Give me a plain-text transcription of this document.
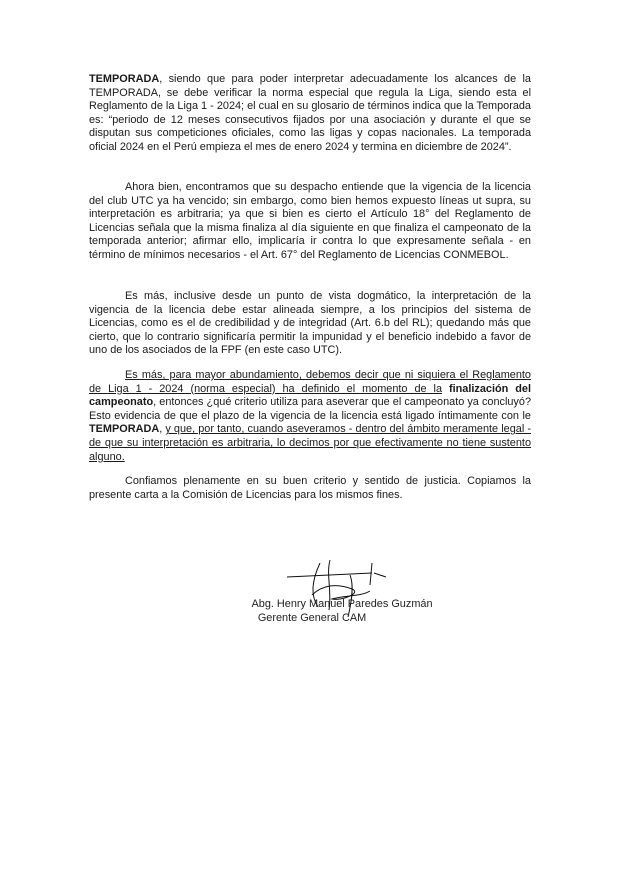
TEMPORADA, siendo que para poder interpretar adecuadamente los alcances de la TEMPORADA, se debe verificar la norma especial que regula la Liga, siendo esta el Reglamento de la Liga 1 - 2024; el cual en su glosario de términos indica que la Temporada es: “periodo de 12 meses consecutivos fijados por una asociación y durante el que se disputan sus competiciones oficiales, como las ligas y copas nacionales. La temporada oficial 2024 en el Perú empieza el mes de enero 2024 y termina en diciembre de 2024”.

Ahora bien, encontramos que su despacho entiende que la vigencia de la licencia del club UTC ya ha vencido; sin embargo, como bien hemos expuesto líneas ut supra, su interpretación es arbitraria; ya que si bien es cierto el Artículo 18° del Reglamento de Licencias señala que la misma finaliza al día siguiente en que finaliza el campeonato de la temporada anterior; afirmar ello, implicaría ir contra lo que expresamente señala - en término de mínimos necesarios - el Art. 67° del Reglamento de Licencias CONMEBOL.

Es más, inclusive desde un punto de vista dogmático, la interpretación de la vigencia de la licencia debe estar alineada siempre, a los principios del sistema de Licencias, como es el de credibilidad y de integridad (Art. 6.b del RL); quedando más que cierto, que lo contrario significaría permitir la impunidad y el beneficio indebido a favor de uno de los asociados de la FPF (en este caso UTC).

Es más, para mayor abundamiento, debemos decir que ni siquiera el Reglamento de Liga 1 - 2024 (norma especial) ha definido el momento de la finalización del campeonato, entonces ¿qué criterio utiliza para aseverar que el campeonato ya concluyó? Esto evidencia de que el plazo de la vigencia de la licencia está ligado íntimamente con le TEMPORADA, y que, por tanto, cuando aseveramos - dentro del ámbito meramente legal - de que su interpretación es arbitraria, lo decimos por que efectivamente no tiene sustento alguno.

Confiamos plenamente en su buen criterio y sentido de justicia. Copiamos la presente carta a la Comisión de Licencias para los mismos fines.

Abg. Henry Manuel Paredes Guzmán
Gerente General CAM
